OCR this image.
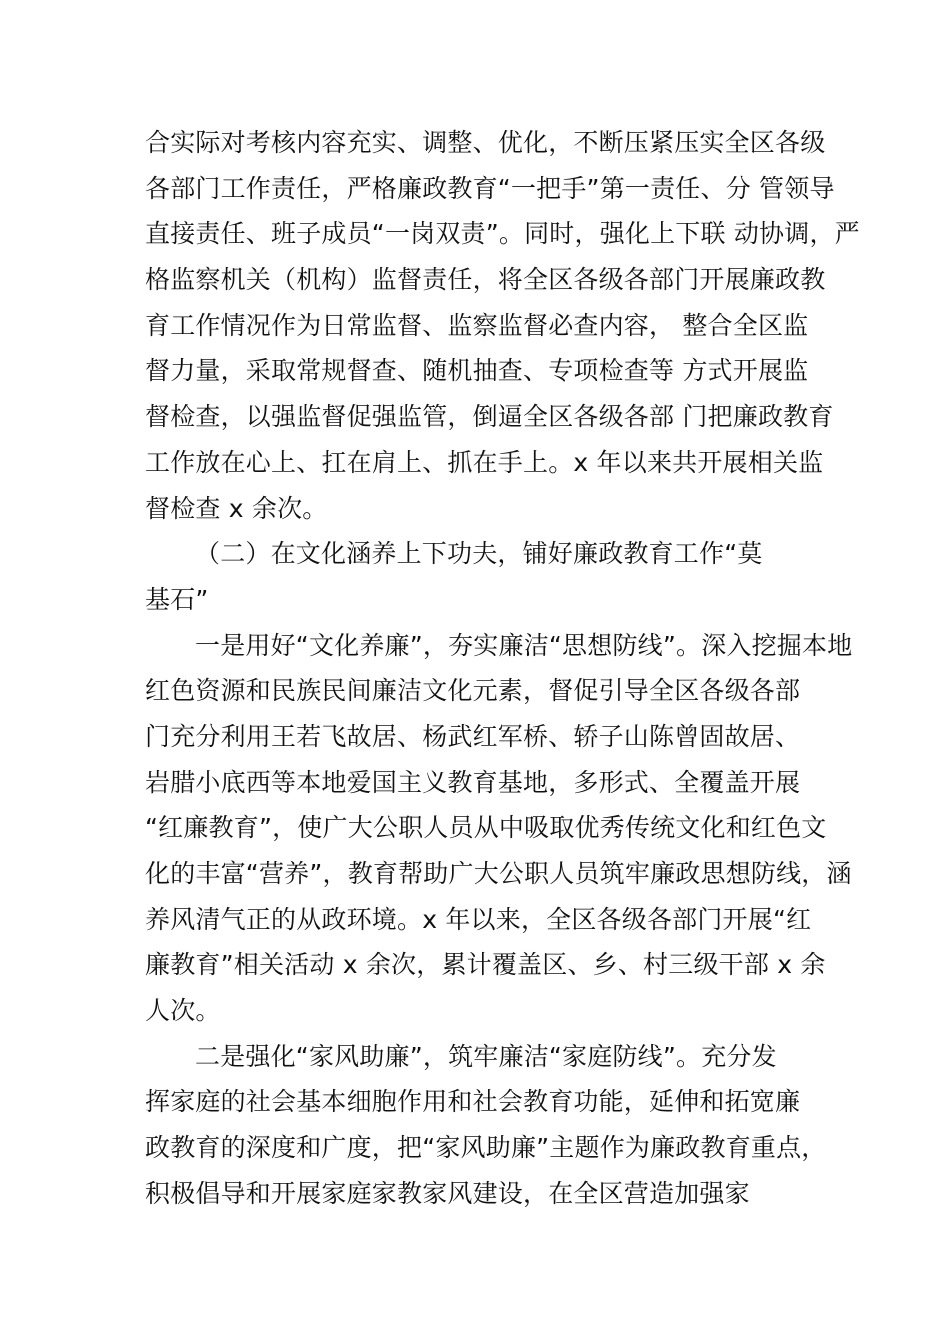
合实际对考核内容充实、调整、优化，不断压紧压实全区各级
各部门工作责任，严格廉政教育“一把手”第一责任、分 管领导
直接责任、班子成员“一岗双责”。同时，强化上下联 动协调，严
格监察机关（机构）监督责任，将全区各级各部门开展廉政教
育工作情况作为日常监督、监察监督必查内容， 整合全区监
督力量，采取常规督查、随机抽查、专项检查等 方式开展监
督检查，以强监督促强监管，倒逼全区各级各部 门把廉政教育
工作放在心上、扛在肩上、抓在手上。x 年以来共开展相关监
督检查 x 余次。
（二）在文化涵养上下功夫，铺好廉政教育工作“莫
基石”
一是用好“文化养廉”，夯实廉洁“思想防线”。深入挖掘本地
红色资源和民族民间廉洁文化元素，督促引导全区各级各部
门充分利用王若飞故居、杨武红军桥、轿子山陈曾固故居、
岩腊小底西等本地爱国主义教育基地，多形式、全覆盖开展
“红廉教育”，使广大公职人员从中吸取优秀传统文化和红色文
化的丰富“营养”，教育帮助广大公职人员筑牢廉政思想防线，涵
养风清气正的从政环境。x 年以来，全区各级各部门开展“红
廉教育”相关活动 x 余次，累计覆盖区、乡、村三级干部 x 余
人次。
二是强化“家风助廉”，筑牢廉洁“家庭防线”。充分发
挥家庭的社会基本细胞作用和社会教育功能，延伸和拓宽廉
政教育的深度和广度，把“家风助廉”主题作为廉政教育重点，
积极倡导和开展家庭家教家风建设，在全区营造加强家
